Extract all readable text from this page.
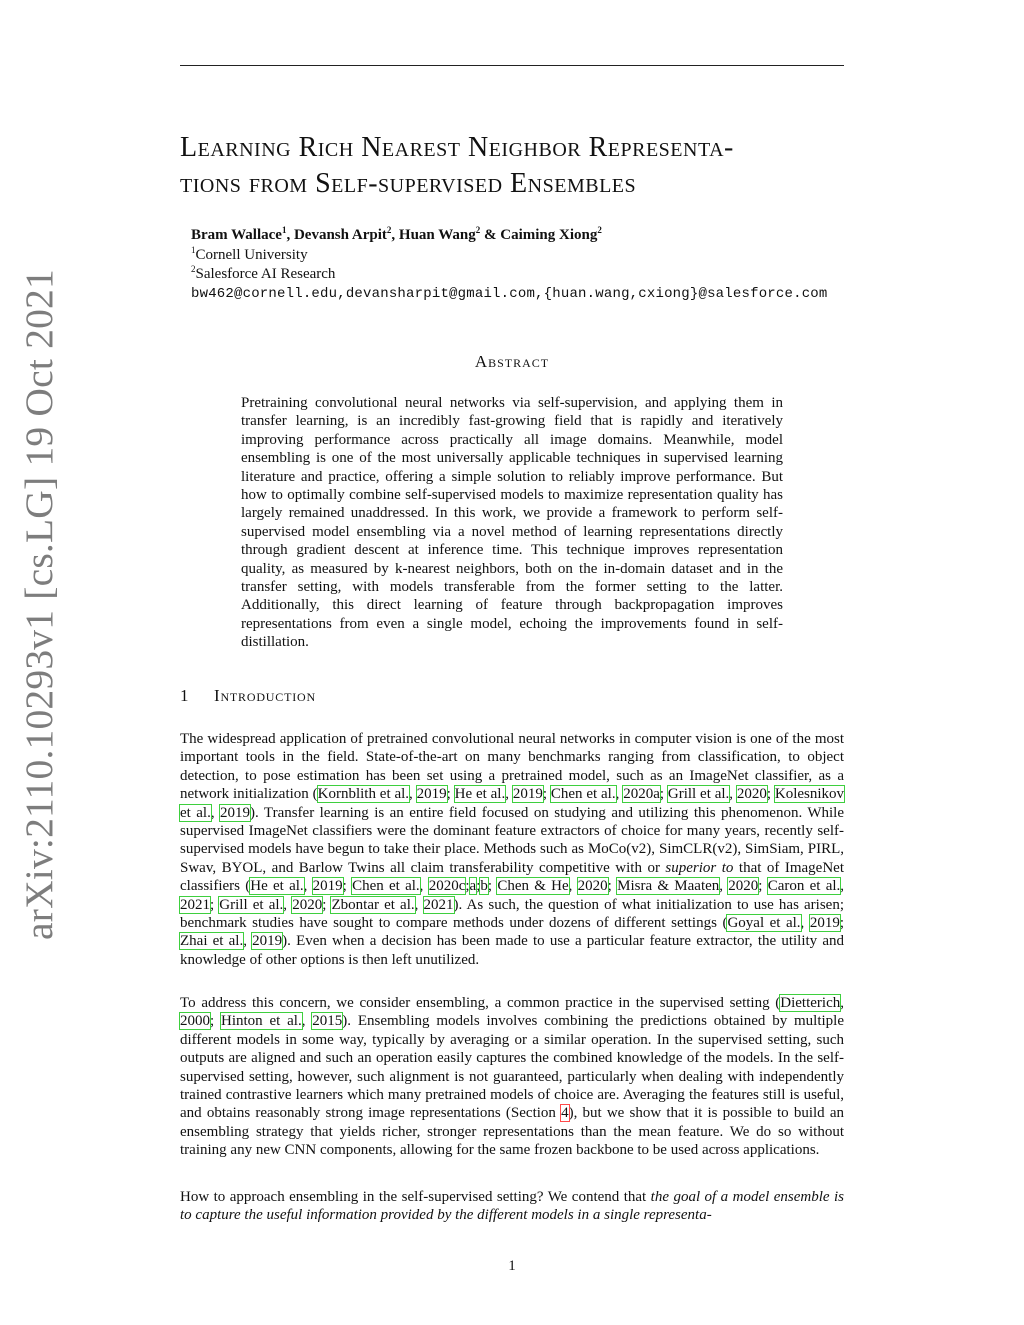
arXiv:2110.10293v1 [cs.LG] 19 Oct 2021
Learning Rich Nearest Neighbor Representa-
tions from Self-supervised Ensembles
Bram Wallace$^1$, Devansh Arpit$^2$, Huan Wang$^2$ & Caiming Xiong$^2$
$^1$Cornell University
$^2$Salesforce AI Research
bw462@cornell.edu,devansharpit@gmail.com,{huan.wang,cxiong}@salesforce.com
Abstract

Pretraining convolutional neural networks via self-supervision, and applying them in transfer learning, is an incredibly fast-growing field that is rapidly and iteratively improving performance across practically all image domains. Meanwhile, model ensembling is one of the most universally applicable techniques in supervised learning literature and practice, offering a simple solution to reliably improve performance. But how to optimally combine self-supervised models to maximize representation quality has largely remained unaddressed. In this work, we provide a framework to perform self-supervised model ensembling via a novel method of learning representations directly through gradient descent at inference time. This technique improves representation quality, as measured by k-nearest neighbors, both on the in-domain dataset and in the transfer setting, with models transferable from the former setting to the latter. Additionally, this direct learning of feature through backpropagation improves representations from even a single model, echoing the improvements found in self-distillation.

1 Introduction

The widespread application of pretrained convolutional neural networks in computer vision is one of the most important tools in the field. State-of-the-art on many benchmarks ranging from classification, to object detection, to pose estimation has been set using a pretrained model, such as an ImageNet classifier, as a network initialization (Kornblith et al., 2019; He et al., 2019; Chen et al., 2020a; Grill et al., 2020; Kolesnikov et al., 2019). Transfer learning is an entire field focused on studying and utilizing this phenomenon. While supervised ImageNet classifiers were the dominant feature extractors of choice for many years, recently self-supervised models have begun to take their place. Methods such as MoCo(v2), SimCLR(v2), SimSiam, PIRL, Swav, BYOL, and Barlow Twins all claim transferability competitive with or superior to that of ImageNet classifiers (He et al., 2019; Chen et al., 2020c;a;b; Chen & He, 2020; Misra & Maaten, 2020; Caron et al., 2021; Grill et al., 2020; Zbontar et al., 2021). As such, the question of what initialization to use has arisen; benchmark studies have sought to compare methods under dozens of different settings (Goyal et al., 2019; Zhai et al., 2019). Even when a decision has been made to use a particular feature extractor, the utility and knowledge of other options is then left unutilized.

To address this concern, we consider ensembling, a common practice in the supervised setting (Dietterich, 2000; Hinton et al., 2015). Ensembling models involves combining the predictions obtained by multiple different models in some way, typically by averaging or a similar operation. In the supervised setting, such outputs are aligned and such an operation easily captures the combined knowledge of the models. In the self-supervised setting, however, such alignment is not guaranteed, particularly when dealing with independently trained contrastive learners which many pretrained models of choice are. Averaging the features still is useful, and obtains reasonably strong image representations (Section 4), but we show that it is possible to build an ensembling strategy that yields richer, stronger representations than the mean feature. We do so without training any new CNN components, allowing for the same frozen backbone to be used across applications.

How to approach ensembling in the self-supervised setting? We contend that the goal of a model ensemble is to capture the useful information provided by the different models in a single representa-

1
